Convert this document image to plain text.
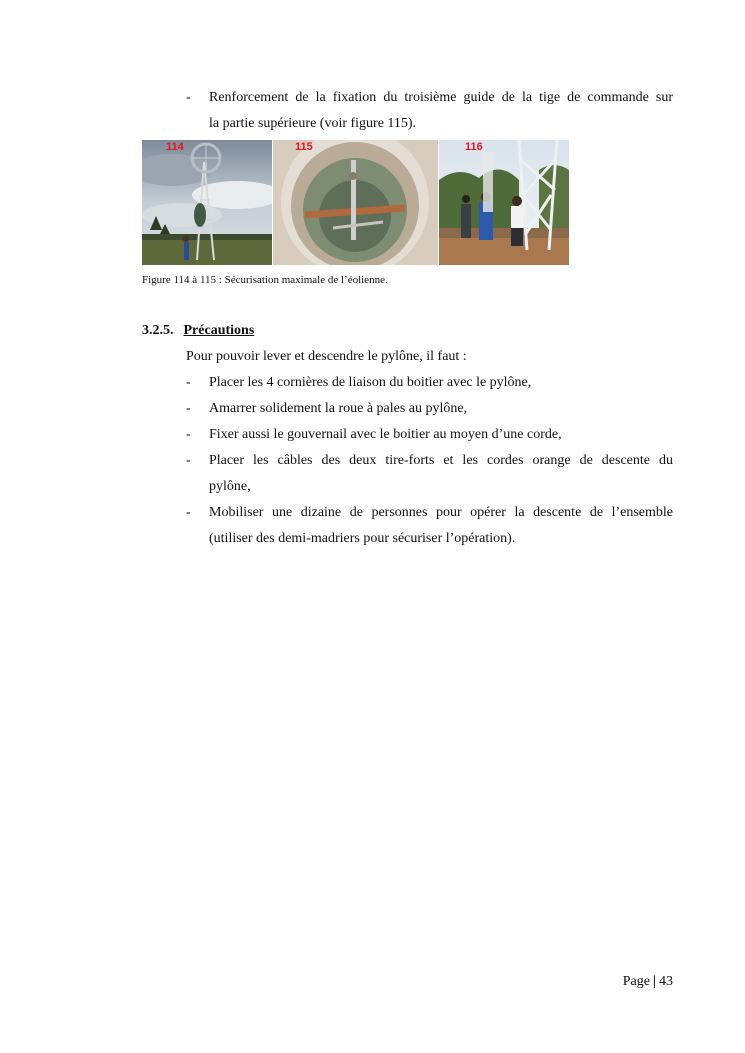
- Renforcement de la fixation du troisième guide de la tige de commande sur
la partie supérieure (voir figure 115).
114	115	116
Figure 114 à 115 : Sécurisation maximale de l’éolienne.
3.2.5. Précautions
Pour pouvoir lever et descendre le pylône, il faut :
- Placer les 4 cornières de liaison du boitier avec le pylône,
- Amarrer solidement la roue à pales au pylône,
- Fixer aussi le gouvernail avec le boitier au moyen d’une corde,
- Placer les câbles des deux tire-forts et les cordes orange de descente du
pylône,
- Mobiliser une dizaine de personnes pour opérer la descente de l’ensemble
(utiliser des demi-madriers pour sécuriser l’opération).
Page | 43
